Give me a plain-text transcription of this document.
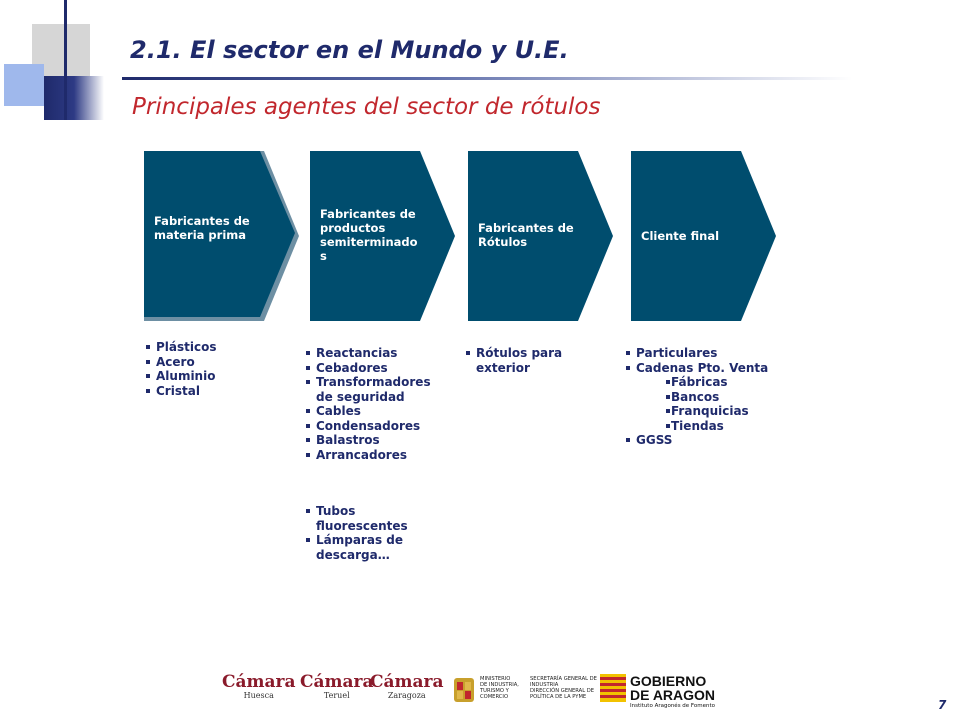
2.1. El sector en el Mundo y U.E.
Principales agentes del sector de rótulos
Fabricantes de materia prima
Fabricantes de productos semiterminado s
Fabricantes de Rótulos	Cliente final
Plásticos
Acero
Aluminio
Cristal
Reactancias
Cebadores
Transformadores de seguridad
Cables
Condensadores
Balastros
Arrancadores
Tubos fluorescentes
Lámparas de descarga…
Rótulos para exterior
Particulares
Cadenas Pto. Venta
Fábricas
Bancos
Franquicias
Tiendas
GGSS
Cámara
Huesca
Cámara
Teruel
Cámara
Zaragoza
MINISTERIO
DE INDUSTRIA,
TURISMO Y
COMERCIO
SECRETARÍA GENERAL DE
INDUSTRIA
DIRECCIÓN GENERAL DE
POLÍTICA DE LA PYME
GOBIERNO
DE ARAGON
Instituto Aragonés de Fomento	7
